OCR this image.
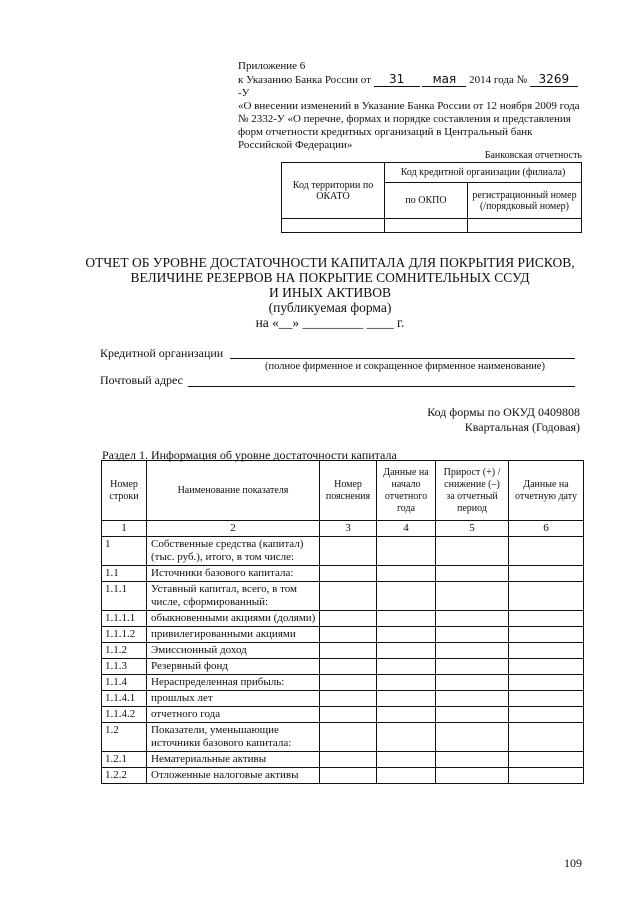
Приложение 6
к Указанию Банка России от 31 мая 2014 года № 3269-У
«О внесении изменений в Указание Банка России от 12 ноября 2009 года
№ 2332-У «О перечне, формах и порядке составления и представления
форм отчетности кредитных организаций в Центральный банк
Российской Федерации»
Банковская отчетность
Код территории по ОКАТО	Код кредитной организации (филиала)	
	по ОКПО	регистрационный номер (/порядковый номер)

ОТЧЕТ ОБ УРОВНЕ ДОСТАТОЧНОСТИ КАПИТАЛА ДЛЯ ПОКРЫТИЯ РИСКОВ,
ВЕЛИЧИНЕ РЕЗЕРВОВ НА ПОКРЫТИЕ СОМНИТЕЛЬНЫХ ССУД
И ИНЫХ АКТИВОВ
(публикуемая форма)
на «__» _________ ____ г.
Кредитной организации
(полное фирменное и сокращенное фирменное наименование)
Почтовый адрес
Код формы по ОКУД 0409808
Квартальная (Годовая)
Раздел 1. Информация об уровне достаточности капитала
Номер строки	Наименование показателя	Номер пояснения	Данные на начало отчетного года	Прирост (+) / снижение (–) за отчетный период	Данные на отчетную дату
1	2	3	4	5	6
1	Собственные средства (капитал) (тыс. руб.), итого, в том числе:				
1.1	Источники базового капитала:				
1.1.1	Уставный капитал, всего, в том числе, сформированный:				
1.1.1.1	обыкновенными акциями (долями)				
1.1.1.2	привилегированными акциями				
1.1.2	Эмиссионный доход				
1.1.3	Резервный фонд				
1.1.4	Нераспределенная прибыль:				
1.1.4.1	прошлых лет				
1.1.4.2	отчетного года				
1.2	Показатели, уменьшающие источники базового капитала:				
1.2.1	Нематериальные активы				
1.2.2	Отложенные налоговые активы				
109
